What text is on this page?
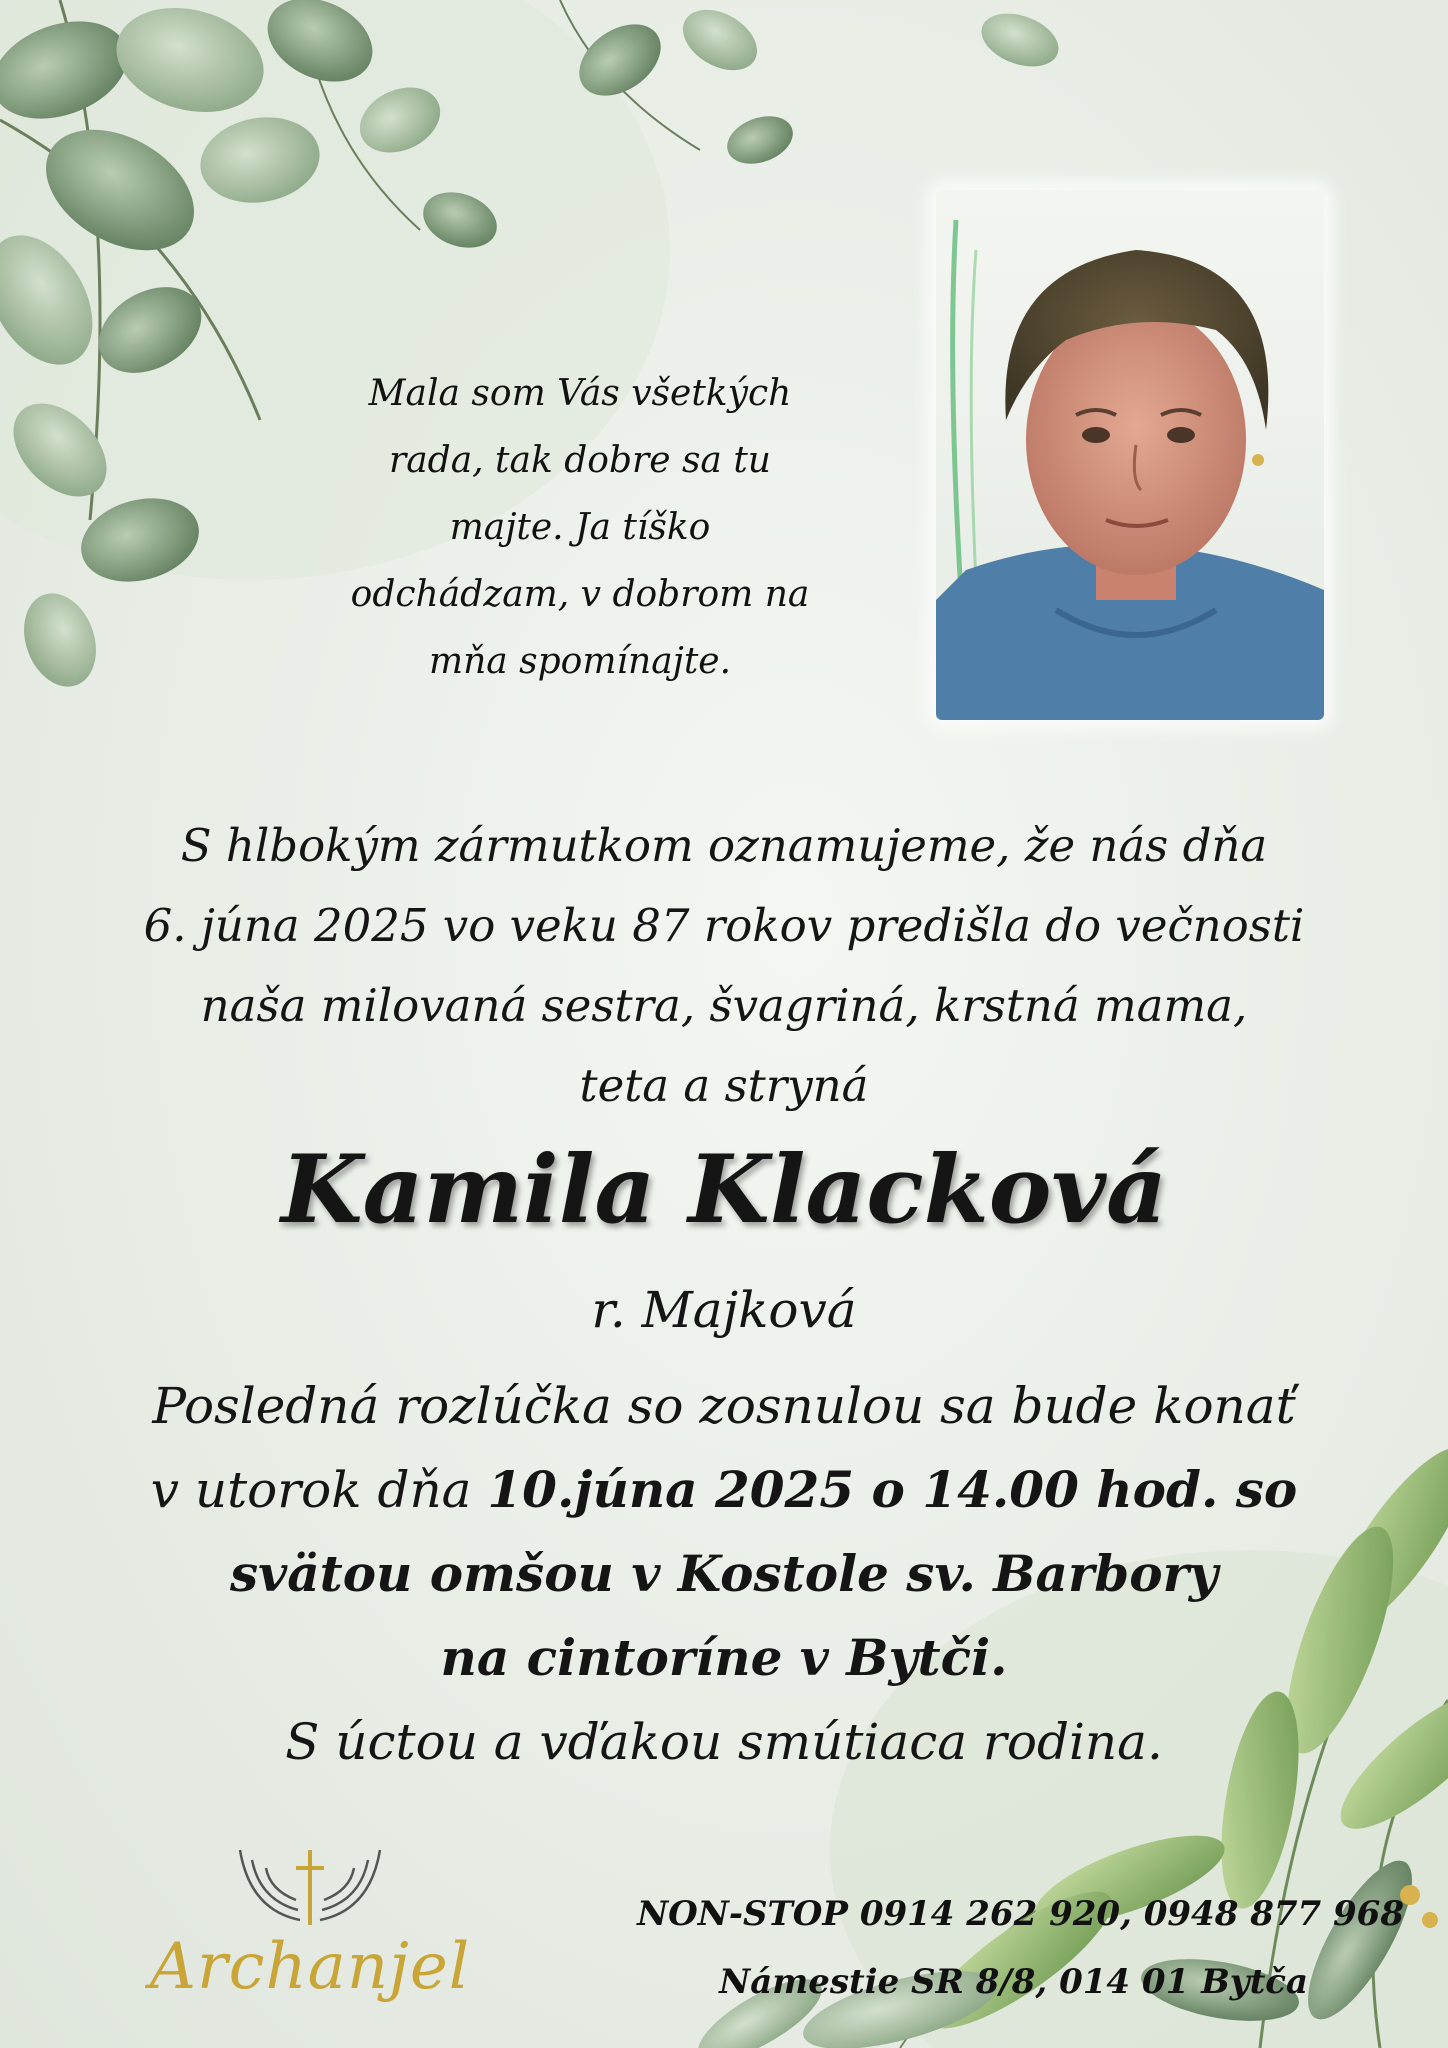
Mala som Vás všetkých
rada, tak dobre sa tu
majte. Ja tíško
odchádzam, v dobrom na
mňa spomínajte.
S hlbokým zármutkom oznamujeme, že nás dňa
6. júna 2025 vo veku 87 rokov predišla do večnosti
naša milovaná sestra, švagriná, krstná mama,
teta a stryná
Kamila Klacková
r. Majková
Posledná rozlúčka so zosnulou sa bude konať
v utorok dňa 10.júna 2025 o 14.00 hod. so
svätou omšou v Kostole sv. Barbory
na cintoríne v Bytči.
S úctou a vďakou smútiaca rodina.
Archanjel
NON-STOP 0914 262 920, 0948 877 968
Námestie SR 8/8, 014 01 Bytča
